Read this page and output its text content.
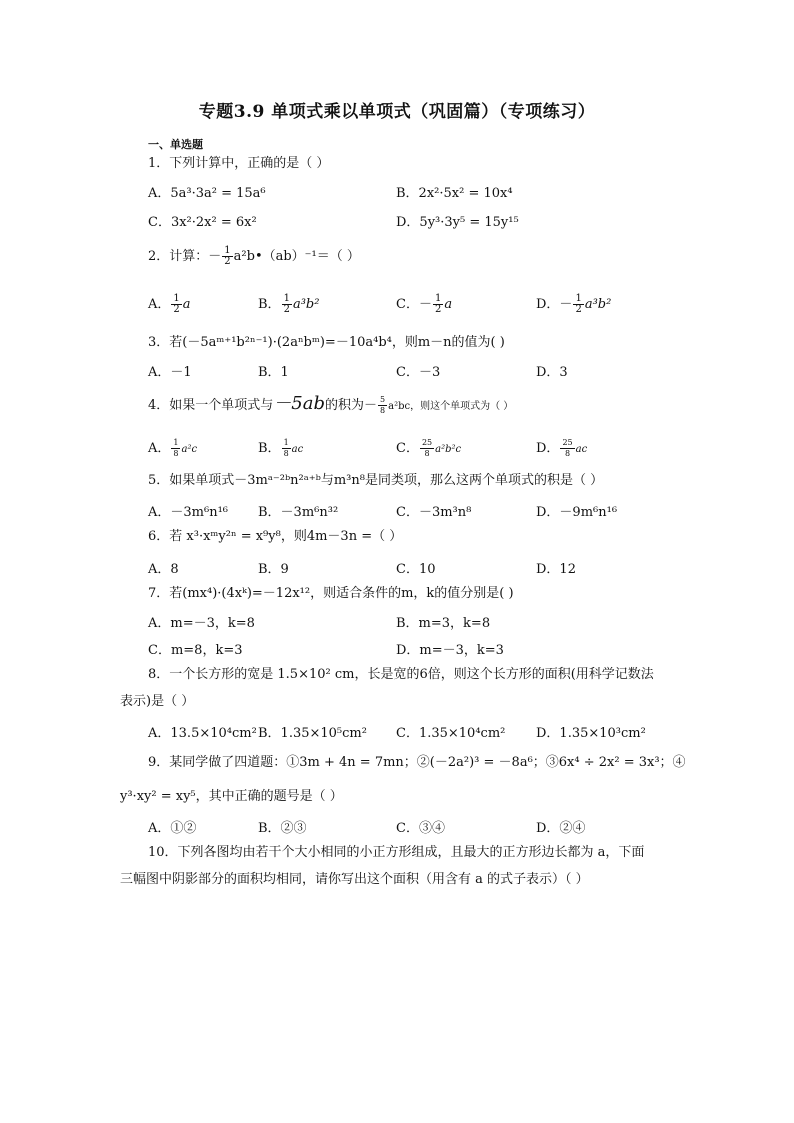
专题3.9 单项式乘以单项式（巩固篇）（专项练习）
一、单选题
1．下列计算中，正确的是（ ）
A．5a³·3a² = 15a⁶	B．2x²·5x² = 10x⁴
C．3x²·2x² = 6x²	D．5y³·3y⁵ = 15y¹⁵
2．计算：－ $\frac{1}{2}$ a²b•（ab）⁻¹＝（ ）
A． $\frac{1}{2}$ a	B． $\frac{1}{2} a^3b^2$	C．－ $\frac{1}{2}$ a	D．－ $\frac{1}{2} a^3b^2$
3．若(－5aᵐ⁺¹b²ⁿ⁻¹)·(2aⁿbᵐ)=－10a⁴b⁴，则m－n的值为( )
A．－1	B．1	C．－3	D．3
4．如果一个单项式与－5ab的积为－ $\frac{5}{8} a^2bc$，则这个单项式为（ ）
A． $\frac{1}{8} a^2c$	B． $\frac{1}{8}$ ac	C． $\frac{25}{8} a^2b^2c$	D． $\frac{25}{8}$ ac
5．如果单项式－3mᵃ⁻²ᵇn²ᵃ⁺ᵇ与m³n⁸是同类项，那么这两个单项式的积是（ ）
A．－3m⁶n¹⁶ B．－3m⁶n³²	C．－3m³n⁸	D．－9m⁶n¹⁶
6．若 x³·xᵐy²ⁿ = x⁹y⁸，则4m－3n =（ ）
A．8	B．9	C．10	D．12
7．若(mx⁴)·(4xᵏ)=－12x¹²，则适合条件的m，k的值分别是( )
A．m=－3，k=8	B．m=3，k=8
C．m=8，k=3	D．m=－3，k=3
8．一个长方形的宽是 1.5×10² cm，长是宽的6倍，则这个长方形的面积(用科学记数法
表示)是（ ）
A．13.5×10⁴cm² B．1.35×10⁵cm² C．1.35×10⁴cm² D．1.35×10³cm²
9．某同学做了四道题：①3m + 4n = 7mn；②(－2a²)³ = －8a⁶；③6x⁴ ÷ 2x² = 3x³；④
y³·xy² = xy⁵，其中正确的题号是（ ）
A．①②	B．②③	C．③④	D．②④
10．下列各图均由若干个大小相同的小正方形组成，且最大的正方形边长都为 a，下面
三幅图中阴影部分的面积均相同，请你写出这个面积（用含有 a 的式子表示）（ ）
